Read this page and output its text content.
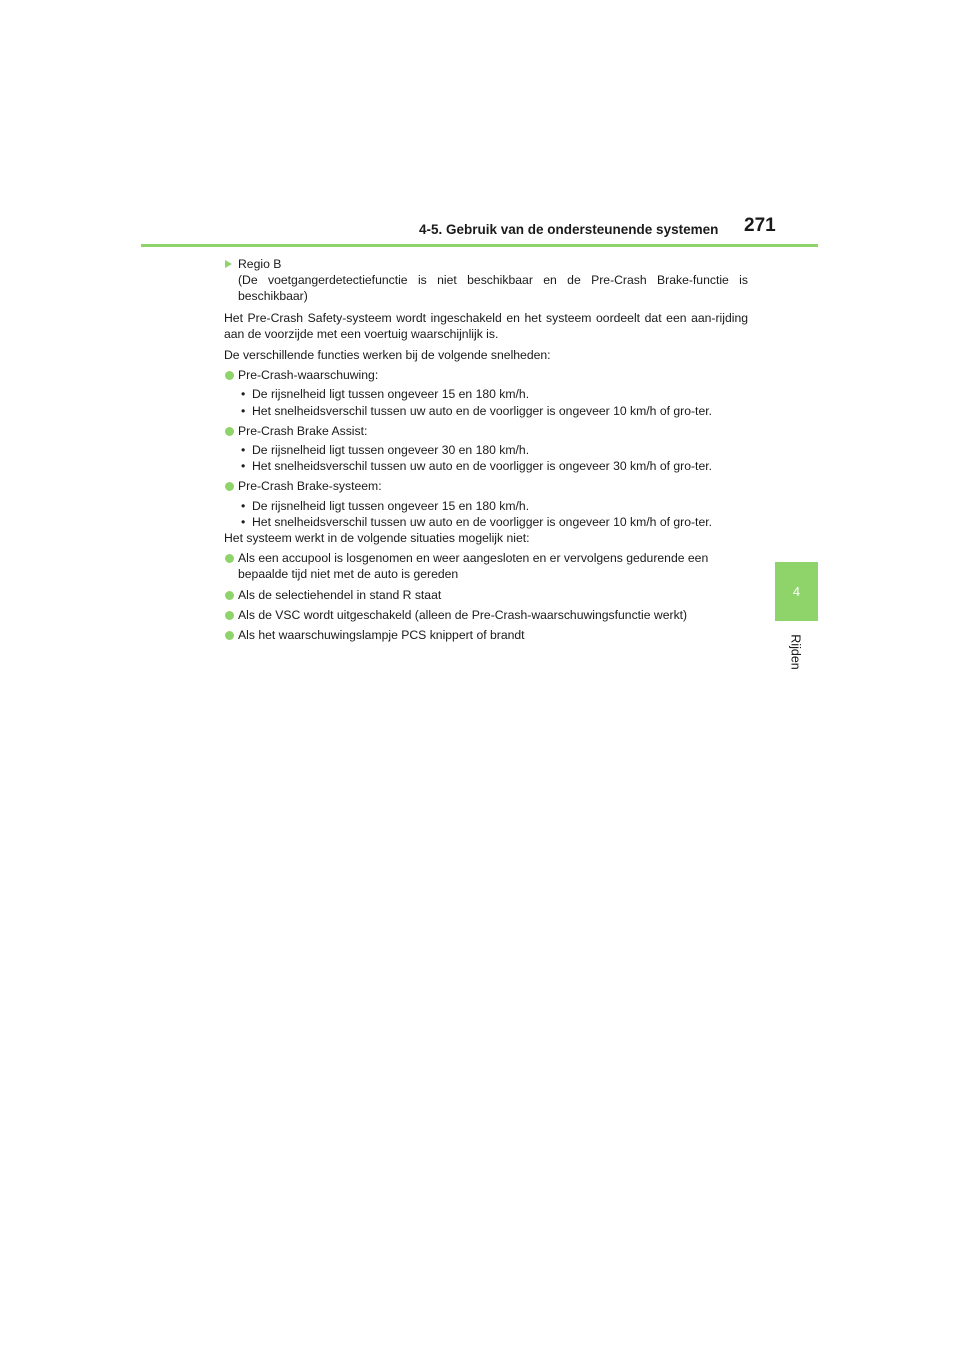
4-5. Gebruik van de ondersteunende systemen 271
4
Rijden

Regio B

(De voetgangerdetectiefunctie is niet beschikbaar en de Pre-Crash Brake-functie is beschikbaar)

Het Pre-Crash Safety-systeem wordt ingeschakeld en het systeem oordeelt dat een aan-rijding aan de voorzijde met een voertuig waarschijnlijk is.

De verschillende functies werken bij de volgende snelheden:

Pre-Crash-waarschuwing:

• De rijsnelheid ligt tussen ongeveer 15 en 180 km/h.
• Het snelheidsverschil tussen uw auto en de voorligger is ongeveer 10 km/h of gro-ter.

Pre-Crash Brake Assist:

• De rijsnelheid ligt tussen ongeveer 30 en 180 km/h.
• Het snelheidsverschil tussen uw auto en de voorligger is ongeveer 30 km/h of gro-ter.

Pre-Crash Brake-systeem:

• De rijsnelheid ligt tussen ongeveer 15 en 180 km/h.
• Het snelheidsverschil tussen uw auto en de voorligger is ongeveer 10 km/h of gro-ter.

Het systeem werkt in de volgende situaties mogelijk niet:

Als een accupool is losgenomen en weer aangesloten en er vervolgens gedurende een bepaalde tijd niet met de auto is gereden

Als de selectiehendel in stand R staat

Als de VSC wordt uitgeschakeld (alleen de Pre-Crash-waarschuwingsfunctie werkt)

Als het waarschuwingslampje PCS knippert of brandt
